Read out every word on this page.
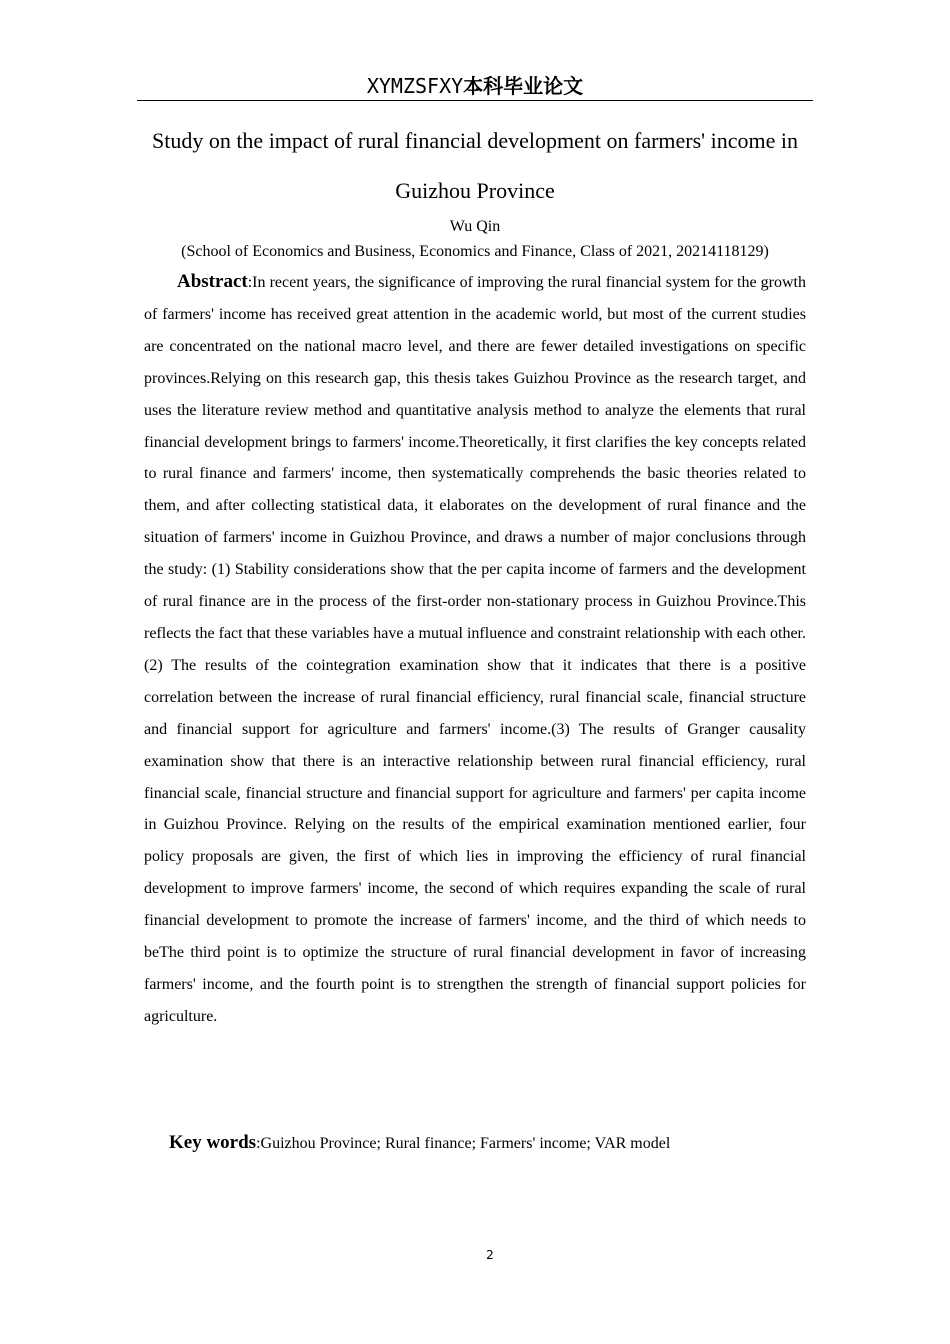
XYMZSFXY本科毕业论文
Study on the impact of rural financial development on farmers' income in Guizhou Province
Wu Qin
(School of Economics and Business, Economics and Finance, Class of 2021, 20214118129)

Abstract:In recent years, the significance of improving the rural financial system for the growth of farmers' income has received great attention in the academic world, but most of the current studies are concentrated on the national macro level, and there are fewer detailed investigations on specific provinces.Relying on this research gap, this thesis takes Guizhou Province as the research target, and uses the literature review method and quantitative analysis method to analyze the elements that rural financial development brings to farmers' income.Theoretically, it first clarifies the key concepts related to rural finance and farmers' income, then systematically comprehends the basic theories related to them, and after collecting statistical data, it elaborates on the development of rural finance and the situation of farmers' income in Guizhou Province, and draws a number of major conclusions through the study: (1) Stability considerations show that the per capita income of farmers and the development of rural finance are in the process of the first-order non-stationary process in Guizhou Province.This reflects the fact that these variables have a mutual influence and constraint relationship with each other.(2) The results of the cointegration examination show that it indicates that there is a positive correlation between the increase of rural financial efficiency, rural financial scale, financial structure and financial support for agriculture and farmers' income.(3) The results of Granger causality examination show that there is an interactive relationship between rural financial efficiency, rural financial scale, financial structure and financial support for agriculture and farmers' per capita income in Guizhou Province. Relying on the results of the empirical examination mentioned earlier, four policy proposals are given, the first of which lies in improving the efficiency of rural financial development to improve farmers' income, the second of which requires expanding the scale of rural financial development to promote the increase of farmers' income, and the third of which needs to beThe third point is to optimize the structure of rural financial development in favor of increasing farmers' income, and the fourth point is to strengthen the strength of financial support policies for agriculture.

Key words:Guizhou Province; Rural finance; Farmers' income; VAR model

2
